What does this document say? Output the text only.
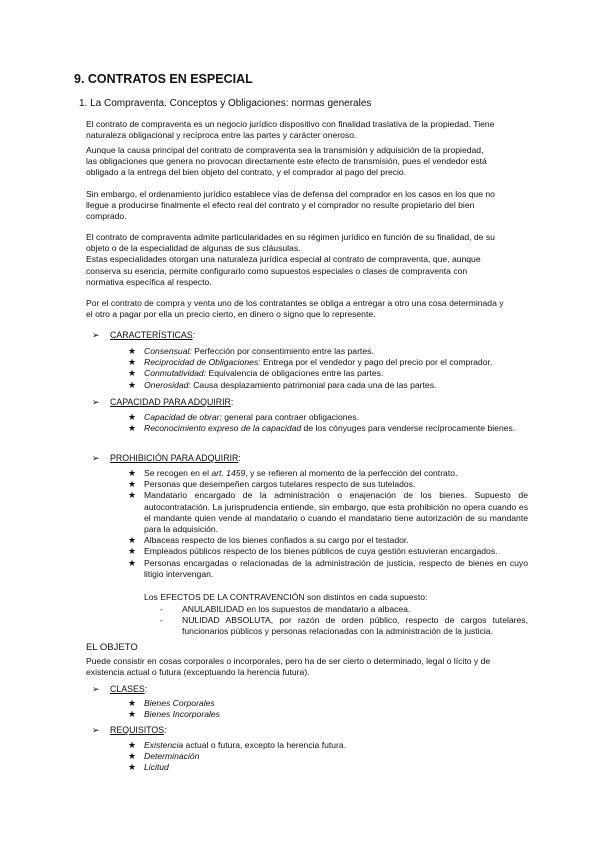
9. CONTRATOS EN ESPECIAL
1. La Compraventa. Conceptos y Obligaciones: normas generales
El contrato de compraventa es un negocio jurídico dispositivo con finalidad traslativa de la propiedad. Tiene
naturaleza obligacional y recíproca entre las partes y carácter oneroso.
Aunque la causa principal del contrato de compraventa sea la transmisión y adquisición de la propiedad,
las obligaciones que genera no provocan directamente este efecto de transmisión, pues el vendedor está
obligado a la entrega del bien objeto del contrato, y el comprador al pago del precio.
Sin embargo, el ordenamiento jurídico establece vías de defensa del comprador en los casos en los que no
llegue a producirse finalmente el efecto real del contrato y el comprador no resulte propietario del bien
comprado.
El contrato de compraventa admite particularidades en su régimen jurídico en función de su finalidad, de su
objeto o de la especialidad de algunas de sus cláusulas.
Estas especialidades otorgan una naturaleza jurídica especial al contrato de compraventa, que, aunque
conserva su esencia, permite configurarlo como supuestos especiales o clases de compraventa con
normativa específica al respecto.
Por el contrato de compra y venta uno de los contratantes se obliga a entregar a otro una cosa determinada y
el otro a pagar por ella un precio cierto, en dinero o signo que lo represente.
➢ CARACTERÍSTICAS:
★ Consensual: Perfección por consentimiento entre las partes.
★ Reciprocidad de Obligaciones: Entrega por el vendedor y pago del precio por el comprador.
★ Conmutatividad: Equivalencia de obligaciones entre las partes.
★ Onerosidad: Causa desplazamiento patrimonial para cada una de las partes.
➢ CAPACIDAD PARA ADQUIRIR:
★ Capacidad de obrar: general para contraer obligaciones.
★ Reconocimiento expreso de la capacidad de los cónyuges para venderse recíprocamente bienes.
➢ PROHIBICIÓN PARA ADQUIRIR:
★ Se recogen en el art. 1459, y se refieren al momento de la perfección del contrato.
★ Personas que desempeñen cargos tutelares respecto de sus tutelados.
★ Mandatario encargado de la administración o enajenación de los bienes. Supuesto de autocontratación. La jurisprudencia entiende, sin embargo, que esta prohibición no opera cuando es el mandante quien vende al mandatario o cuando el mandatario tiene autorización de su mandante para la adquisición.
★ Albaceas respecto de los bienes confiados a su cargo por el testador.
★ Empleados públicos respecto de los bienes públicos de cuya gestión estuvieran encargados.
★ Personas encargadas o relacionadas de la administración de justicia, respecto de bienes en cuyo litigio intervengan.
Los EFECTOS DE LA CONTRAVENCIÓN son distintos en cada supuesto:
- ANULABILIDAD en los supuestos de mandatario a albacea.
- NULIDAD ABSOLUTA, por razón de orden público, respecto de cargos tutelares, funcionarios públicos y personas relacionadas con la administración de la justicia.
EL OBJETO
Puede consistir en cosas corporales o incorporales, pero ha de ser cierto o determinado, legal o lícito y de
existencia actual o futura (exceptuando la herencia futura).
➢ CLASES:
★ Bienes Corporales
★ Bienes Incorporales
➢ REQUISITOS:
★ Existencia actual o futura, excepto la herencia futura.
★ Determinación
★ Licitud
